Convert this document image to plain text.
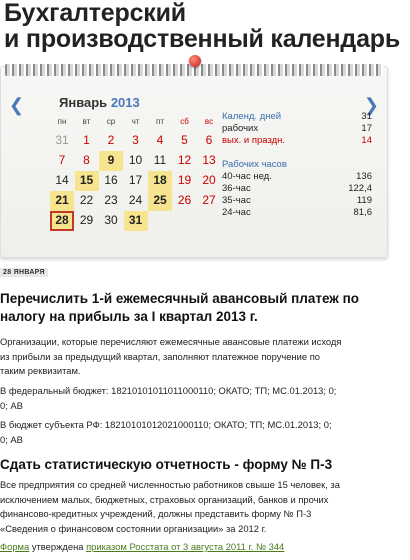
Бухгалтерский
и производственный календарь
❮	Январь 2013	❯
пн	вт	ср	чт	пт	сб	вс
31	1	2	3	4	5	6
7	8	9	10 11 12 13
14 15 16 17 18 19 20
21 22 23 24 25 26 27
28 29 30 31
Календ. дней	31
рабочих	17
вых. и праздн.	14
Рабочих часов
40-час нед.	136
36-час	122,4
35-час	119
24-час	81,6
28 ЯНВАРЯ
Перечислить 1-й ежемесячный авансовый платеж по
налогу на прибыль за I квартал 2013 г.
Организации, которые перечисляют ежемесячные авансовые платежи исходя
из прибыли за предыдущий квартал, заполняют платежное поручение по
таким реквизитам.
В федеральный бюджет: 18210101011011000110; ОКАТО; ТП; МС.01.2013; 0;
0; АВ
В бюджет субъекта РФ: 18210101012021000110; ОКАТО; ТП; МС.01.2013; 0;
0; АВ
Сдать статистическую отчетность - форму № П-3
Все предприятия со средней численностью работников свыше 15 человек, за
исключением малых, бюджетных, страховых организаций, банков и прочих
финансово-кредитных учреждений, должны представить форму № П-3
«Сведения о финансовом состоянии организации» за 2012 г.
Форма утверждена приказом Росстата от 3 августа 2011 г. № 344
